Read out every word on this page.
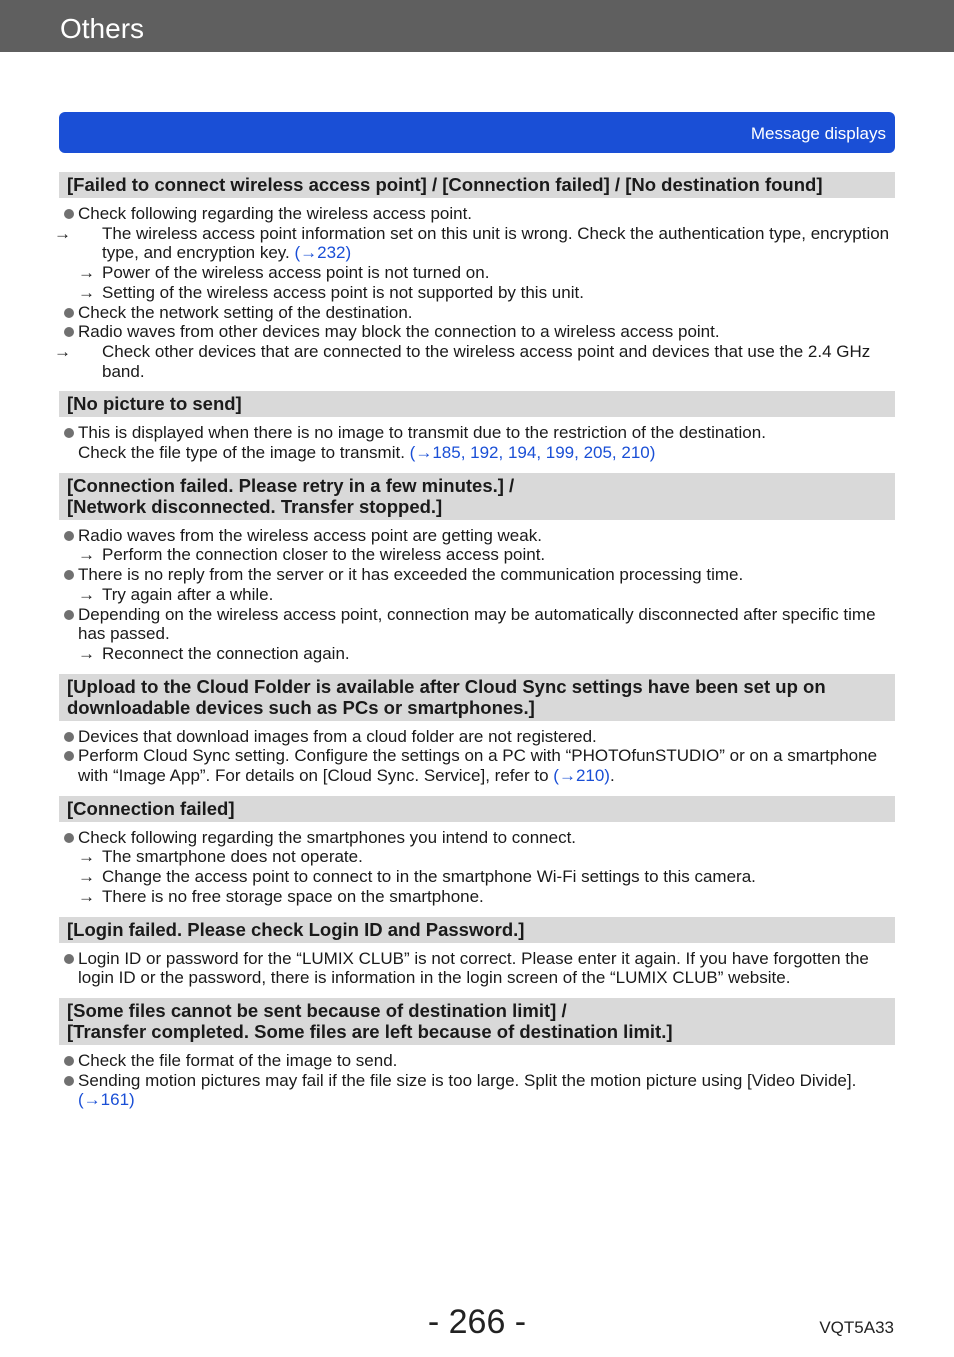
Others
Message displays
[Failed to connect wireless access point] / [Connection failed] / [No destination found]
Check following regarding the wireless access point.
→ The wireless access point information set on this unit is wrong. Check the authentication type, encryption type, and encryption key. (→232)
→ Power of the wireless access point is not turned on.
→ Setting of the wireless access point is not supported by this unit.
Check the network setting of the destination.
Radio waves from other devices may block the connection to a wireless access point.
→ Check other devices that are connected to the wireless access point and devices that use the 2.4 GHz band.
[No picture to send]
This is displayed when there is no image to transmit due to the restriction of the destination.
Check the file type of the image to transmit. (→185, 192, 194, 199, 205, 210)
[Connection failed. Please retry in a few minutes.] /
[Network disconnected. Transfer stopped.]
Radio waves from the wireless access point are getting weak.
→ Perform the connection closer to the wireless access point.
There is no reply from the server or it has exceeded the communication processing time.
→ Try again after a while.
Depending on the wireless access point, connection may be automatically disconnected after specific time has passed.
→ Reconnect the connection again.
[Upload to the Cloud Folder is available after Cloud Sync settings have been set up on downloadable devices such as PCs or smartphones.]
Devices that download images from a cloud folder are not registered.
Perform Cloud Sync setting. Configure the settings on a PC with “PHOTOfunSTUDIO” or on a smartphone with “Image App”. For details on [Cloud Sync. Service], refer to (→210).
[Connection failed]
Check following regarding the smartphones you intend to connect.
→ The smartphone does not operate.
→ Change the access point to connect to in the smartphone Wi-Fi settings to this camera.
→ There is no free storage space on the smartphone.
[Login failed. Please check Login ID and Password.]
Login ID or password for the “LUMIX CLUB” is not correct. Please enter it again. If you have forgotten the login ID or the password, there is information in the login screen of the “LUMIX CLUB” website.
[Some files cannot be sent because of destination limit] /
[Transfer completed. Some files are left because of destination limit.]
Check the file format of the image to send.
Sending motion pictures may fail if the file size is too large. Split the motion picture using [Video Divide]. (→161)
- 266 -	VQT5A33
